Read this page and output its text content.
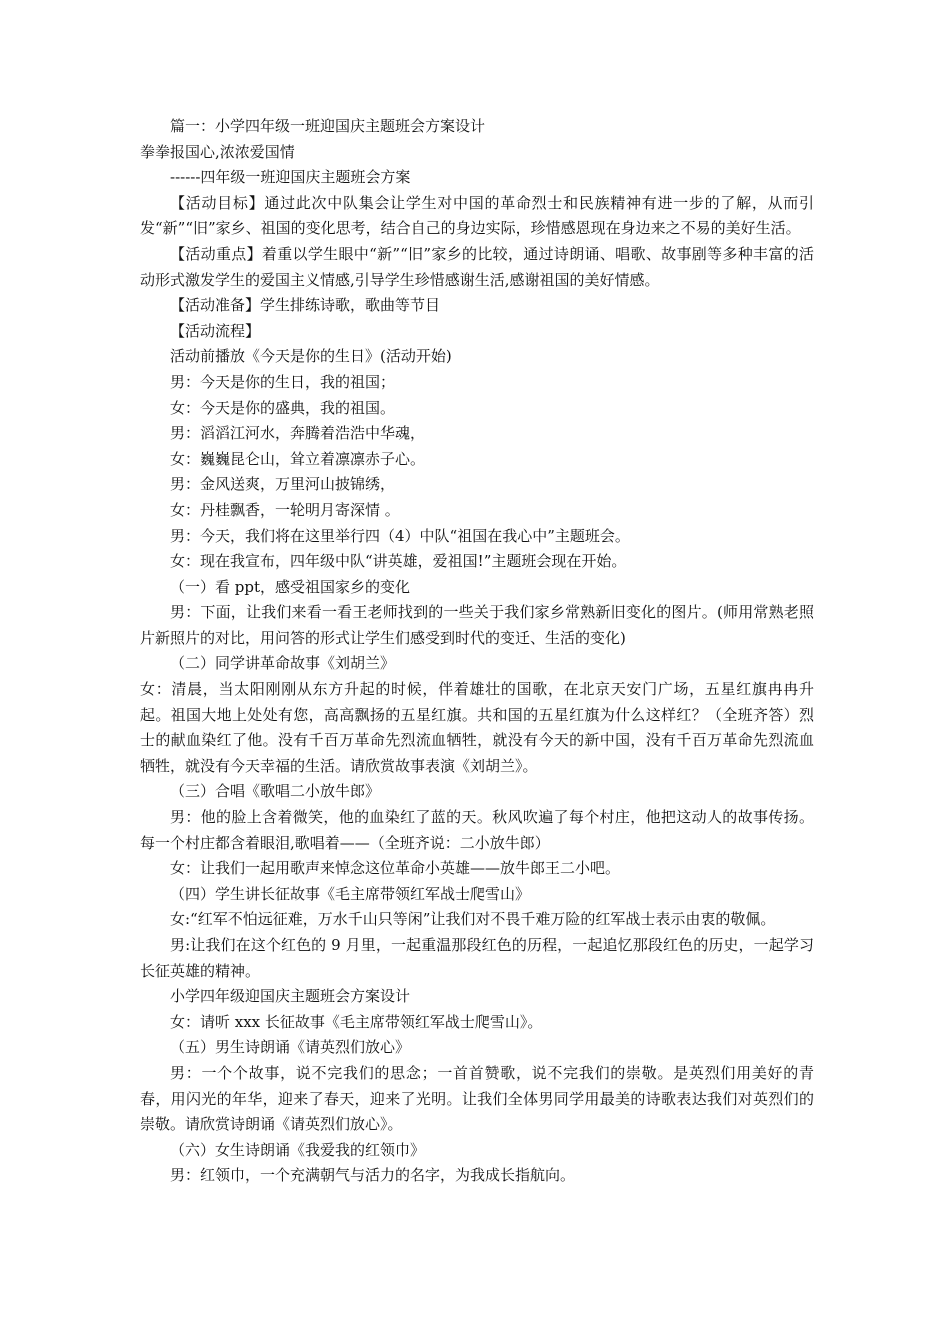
篇一：小学四年级一班迎国庆主题班会方案设计

拳拳报国心,浓浓爱国情

------四年级一班迎国庆主题班会方案

【活动目标】通过此次中队集会让学生对中国的革命烈士和民族精神有进一步的了解，从而引发“新”“旧”家乡、祖国的变化思考，结合自己的身边实际，珍惜感恩现在身边来之不易的美好生活。

【活动重点】着重以学生眼中“新”“旧”家乡的比较，通过诗朗诵、唱歌、故事剧等多种丰富的活动形式激发学生的爱国主义情感,引导学生珍惜感谢生活,感谢祖国的美好情感。

【活动准备】学生排练诗歌，歌曲等节目

【活动流程】

活动前播放《今天是你的生日》(活动开始)

男：今天是你的生日，我的祖国；

女：今天是你的盛典，我的祖国。

男：滔滔江河水，奔腾着浩浩中华魂，

女：巍巍昆仑山，耸立着凛凛赤子心。

男：金风送爽，万里河山披锦绣，

女：丹桂飘香，一轮明月寄深情 。

男：今天，我们将在这里举行四（4）中队“祖国在我心中”主题班会。

女：现在我宣布，四年级中队“讲英雄，爱祖国!”主题班会现在开始。

（一）看 ppt，感受祖国家乡的变化

男：下面，让我们来看一看王老师找到的一些关于我们家乡常熟新旧变化的图片。(师用常熟老照片新照片的对比，用问答的形式让学生们感受到时代的变迁、生活的变化)

（二）同学讲革命故事《刘胡兰》

女：清晨，当太阳刚刚从东方升起的时候，伴着雄壮的国歌，在北京天安门广场，五星红旗冉冉升起。祖国大地上处处有您，高高飘扬的五星红旗。共和国的五星红旗为什么这样红？（全班齐答）烈士的献血染红了他。没有千百万革命先烈流血牺牲，就没有今天的新中国，没有千百万革命先烈流血牺牲，就没有今天幸福的生活。请欣赏故事表演《刘胡兰》。

（三）合唱《歌唱二小放牛郎》

男：他的脸上含着微笑，他的血染红了蓝的天。秋风吹遍了每个村庄，他把这动人的故事传扬。每一个村庄都含着眼泪,歌唱着——（全班齐说：二小放牛郎）

女：让我们一起用歌声来悼念这位革命小英雄——放牛郎王二小吧。

（四）学生讲长征故事《毛主席带领红军战士爬雪山》

女:“红军不怕远征难，万水千山只等闲”让我们对不畏千难万险的红军战士表示由衷的敬佩。

男:让我们在这个红色的 9 月里，一起重温那段红色的历程，一起追忆那段红色的历史，一起学习长征英雄的精神。

小学四年级迎国庆主题班会方案设计

女：请听 xxx 长征故事《毛主席带领红军战士爬雪山》。

（五）男生诗朗诵《请英烈们放心》

男：一个个故事，说不完我们的思念；一首首赞歌，说不完我们的崇敬。是英烈们用美好的青春，用闪光的年华，迎来了春天，迎来了光明。让我们全体男同学用最美的诗歌表达我们对英烈们的崇敬。请欣赏诗朗诵《请英烈们放心》。

（六）女生诗朗诵《我爱我的红领巾》

男：红领巾，一个充满朝气与活力的名字，为我成长指航向。
